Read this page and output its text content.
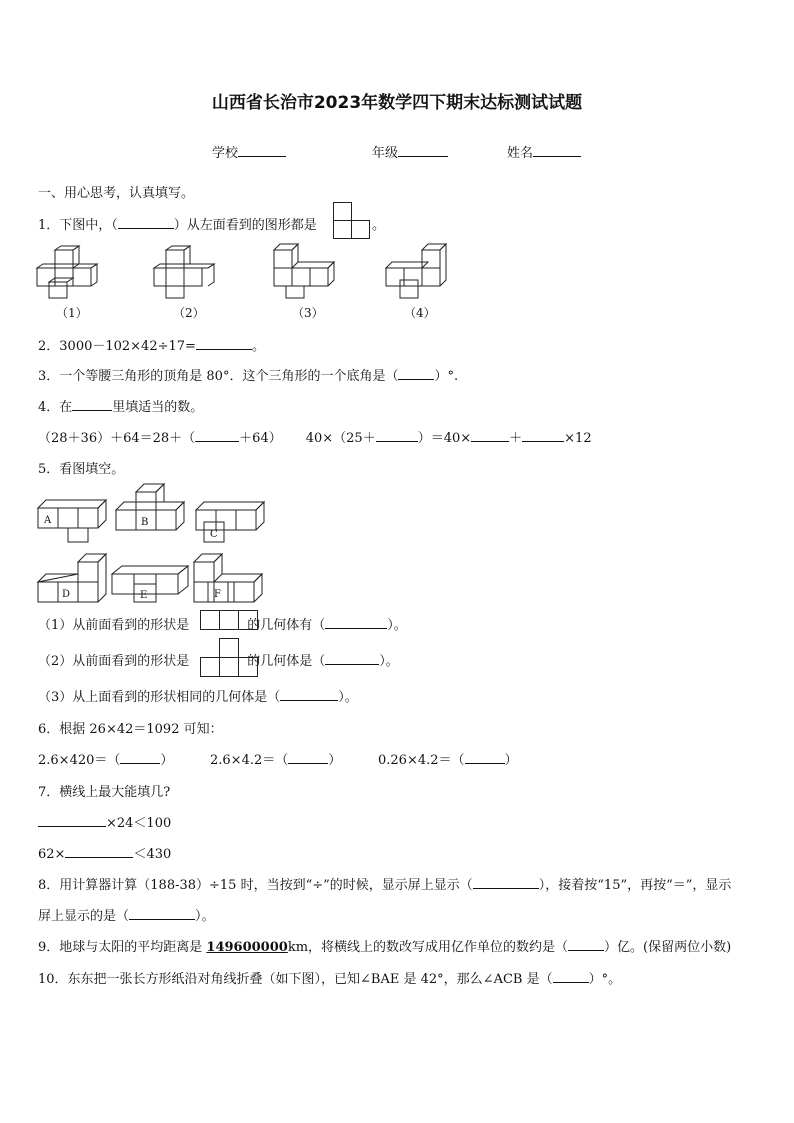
山西省长治市2023年数学四下期末达标测试试题
学校	年级	姓名
一、用心思考，认真填写。
1．下图中，（	）从左面看到的图形都是	。
（1）	（2）	（3）	（4）
2．3000－102×42÷17=	。
3．一个等腰三角形的顶角是 80°．这个三角形的一个底角是（	）°.
4．在	里填适当的数。
（28＋36）＋64＝28＋（	＋64） 40×（25＋	）＝40×	＋	×12
5．看图填空。
A	B
C
D	E	F
（1）从前面看到的形状是	的几何体有（	）。
（2）从前面看到的形状是	的几何体是（	）。
（3）从上面看到的形状相同的几何体是（	）。
6．根据 26×42＝1092 可知：
2.6×420＝（	）	2.6×4.2＝（	）	0.26×4.2＝（	）
7．横线上最大能填几?
×24＜100
62×	＜430
8．用计算器计算（188-38）÷15 时，当按到“÷”的时候，显示屏上显示（	），接着按“15”，再按“＝”，显示
屏上显示的是（	）。
9．地球与太阳的平均距离是 149600000km，将横线上的数改写成用亿作单位的数约是（	）亿。(保留两位小数)
10．东东把一张长方形纸沿对角线折叠（如下图），已知∠BAE 是 42°，那么∠ACB 是（	）°。
